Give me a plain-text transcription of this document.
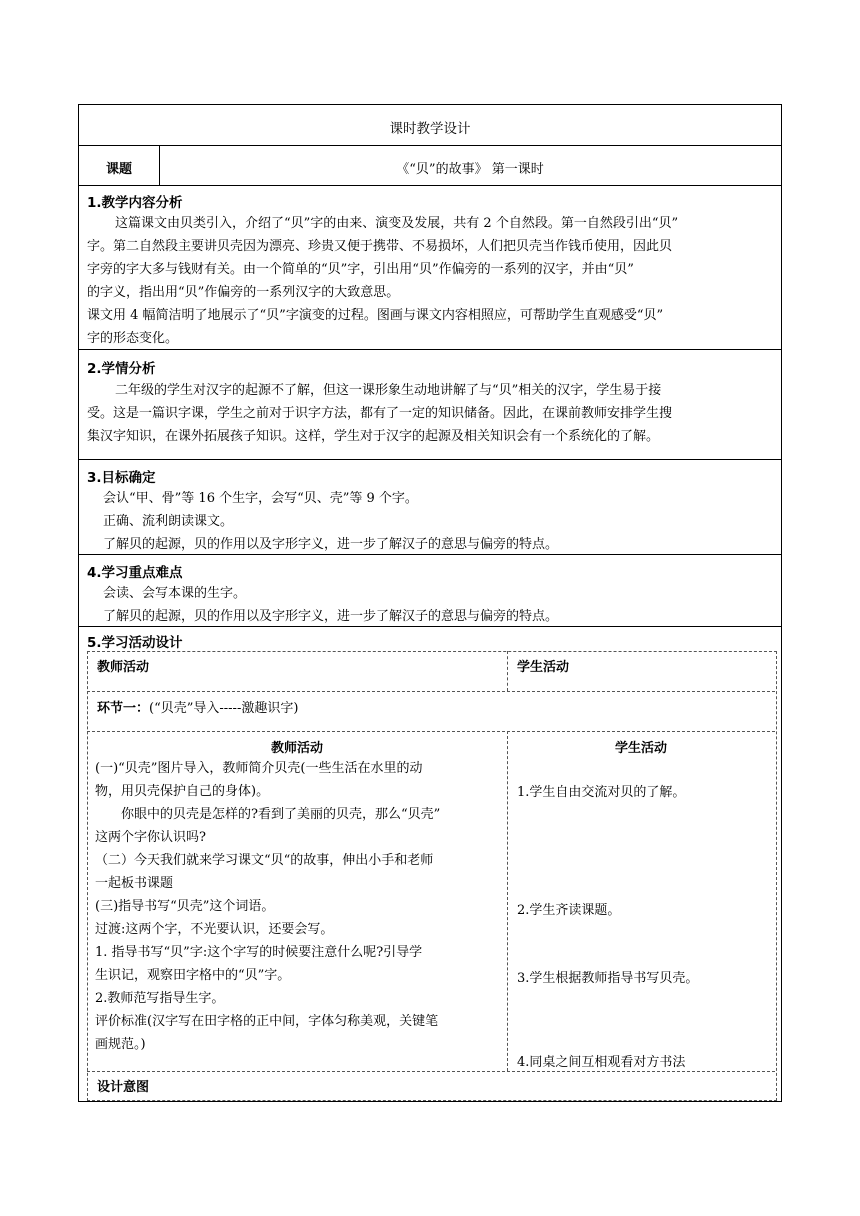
课时教学设计
课题	《“贝”的故事》 第一课时
1.教学内容分析
这篇课文由贝类引入，介绍了“贝”字的由来、演变及发展，共有 2 个自然段。第一自然段引出“贝”
字。第二自然段主要讲贝壳因为漂亮、珍贵又便于携带、不易损坏，人们把贝壳当作钱币使用，因此贝
字旁的字大多与钱财有关。由一个简单的“贝”字，引出用“贝”作偏旁的一系列的汉字，并由“贝”
的字义，指出用“贝”作偏旁的一系列汉字的大致意思。
课文用 4 幅简洁明了地展示了“贝”字演变的过程。图画与课文内容相照应，可帮助学生直观感受“贝”
字的形态变化。
2.学情分析
二年级的学生对汉字的起源不了解，但这一课形象生动地讲解了与“贝”相关的汉字，学生易于接
受。这是一篇识字课，学生之前对于识字方法，都有了一定的知识储备。因此，在课前教师安排学生搜
集汉字知识，在课外拓展孩子知识。这样，学生对于汉字的起源及相关知识会有一个系统化的了解。
3.目标确定
会认“甲、骨”等 16 个生字，会写“贝、壳”等 9 个字。
正确、流利朗读课文。
了解贝的起源，贝的作用以及字形字义，进一步了解汉子的意思与偏旁的特点。
4.学习重点难点
会读、会写本课的生字。
了解贝的起源，贝的作用以及字形字义，进一步了解汉子的意思与偏旁的特点。
5.学习活动设计
教师活动	学生活动
环节一：(“贝壳”导入-----激趣识字)
教师活动	学生活动
(一)“贝壳”图片导入，教师简介贝壳(一些生活在水里的动
物，用贝壳保护自己的身体)。
你眼中的贝壳是怎样的?看到了美丽的贝壳，那么“贝壳”
这两个字你认识吗?
（二）今天我们就来学习课文“贝“的故事，伸出小手和老师
一起板书课题
(三)指导书写“贝壳”这个词语。
过渡:这两个字，不光要认识，还要会写。
1. 指导书写“贝”字:这个字写的时候要注意什么呢?引导学
生识记，观察田字格中的“贝”字。
2.教师范写指导生字。
评价标准(汉字写在田字格的正中间，字体匀称美观，关键笔
画规范。)
1.学生自由交流对贝的了解。
2.学生齐读课题。
3.学生根据教师指导书写贝壳。
4.同桌之间互相观看对方书法
设计意图
